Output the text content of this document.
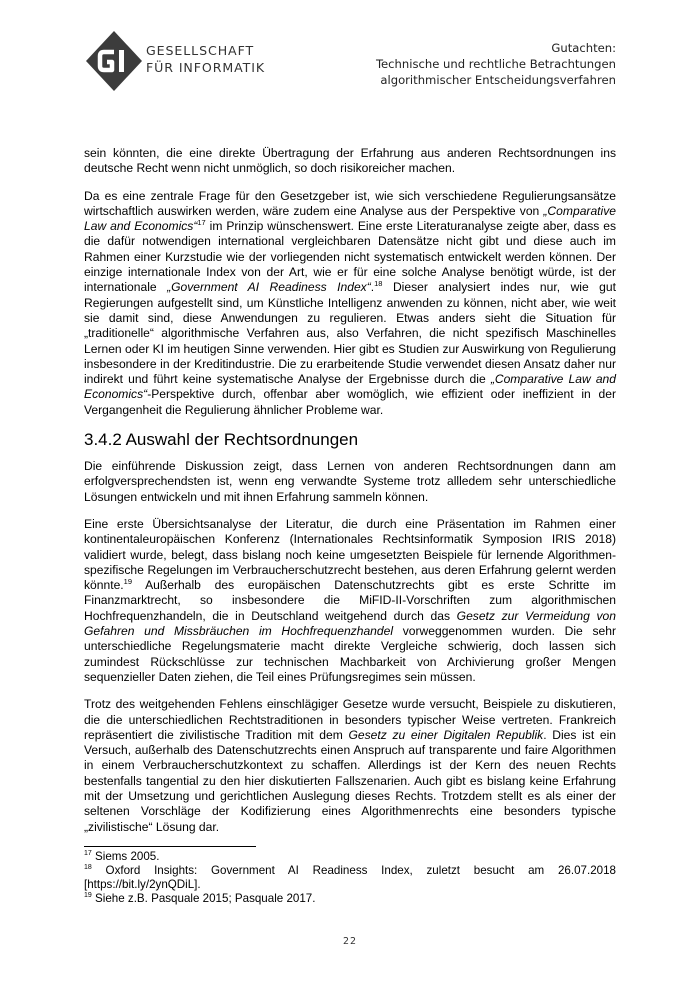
GESELLSCHAFT
FÜR INFORMATIK
Gutachten:
Technische und rechtliche Betrachtungen
algorithmischer Entscheidungsverfahren

sein könnten, die eine direkte Übertragung der Erfahrung aus anderen Rechtsordnungen ins deutsche Recht wenn nicht unmöglich, so doch risikoreicher machen.

Da es eine zentrale Frage für den Gesetzgeber ist, wie sich verschiedene Regulierungsansätze wirtschaftlich auswirken werden, wäre zudem eine Analyse aus der Perspektive von „Comparative Law and Economics“$^{17}$ im Prinzip wünschenswert. Eine erste Literaturanalyse zeigte aber, dass es die dafür notwendigen international vergleichbaren Datensätze nicht gibt und diese auch im Rahmen einer Kurzstudie wie der vorliegenden nicht systematisch entwickelt werden können. Der einzige internationale Index von der Art, wie er für eine solche Analyse benötigt würde, ist der internationale „Government AI Readiness Index“.$^{18}$ Dieser analysiert indes nur, wie gut Regierungen aufgestellt sind, um Künstliche Intelligenz anwenden zu können, nicht aber, wie weit sie damit sind, diese Anwendungen zu regulieren. Etwas anders sieht die Situation für „traditionelle“ algorithmische Verfahren aus, also Verfahren, die nicht spezifisch Maschinelles Lernen oder KI im heutigen Sinne verwenden. Hier gibt es Studien zur Auswirkung von Regulierung insbesondere in der Kreditindustrie. Die zu erarbeitende Studie verwendet diesen Ansatz daher nur indirekt und führt keine systematische Analyse der Ergebnisse durch die „Comparative Law and Economics“-Perspektive durch, offenbar aber womöglich, wie effizient oder ineffizient in der Vergangenheit die Regulierung ähnlicher Probleme war.

3.4.2 Auswahl der Rechtsordnungen

Die einführende Diskussion zeigt, dass Lernen von anderen Rechtsordnungen dann am erfolgversprechendsten ist, wenn eng verwandte Systeme trotz allledem sehr unterschiedliche Lösungen entwickeln und mit ihnen Erfahrung sammeln können.

Eine erste Übersichtsanalyse der Literatur, die durch eine Präsentation im Rahmen einer kontinentaleuropäischen Konferenz (Internationales Rechtsinformatik Symposion IRIS 2018) validiert wurde, belegt, dass bislang noch keine umgesetzten Beispiele für lernende Algorithmen-spezifische Regelungen im Verbraucherschutzrecht bestehen, aus deren Erfahrung gelernt werden könnte.$^{19}$ Außerhalb des europäischen Datenschutzrechts gibt es erste Schritte im Finanzmarktrecht, so insbesondere die MiFID-II-Vorschriften zum algorithmischen Hochfrequenzhandeln, die in Deutschland weitgehend durch das Gesetz zur Vermeidung von Gefahren und Missbräuchen im Hochfrequenzhandel vorweggenommen wurden. Die sehr unterschiedliche Regelungsmaterie macht direkte Vergleiche schwierig, doch lassen sich zumindest Rückschlüsse zur technischen Machbarkeit von Archivierung großer Mengen sequenzieller Daten ziehen, die Teil eines Prüfungsregimes sein müssen.

Trotz des weitgehenden Fehlens einschlägiger Gesetze wurde versucht, Beispiele zu diskutieren, die die unterschiedlichen Rechtstraditionen in besonders typischer Weise vertreten. Frankreich repräsentiert die zivilistische Tradition mit dem Gesetz zu einer Digitalen Republik. Dies ist ein Versuch, außerhalb des Datenschutzrechts einen Anspruch auf transparente und faire Algorithmen in einem Verbraucherschutzkontext zu schaffen. Allerdings ist der Kern des neuen Rechts bestenfalls tangential zu den hier diskutierten Fallszenarien. Auch gibt es bislang keine Erfahrung mit der Umsetzung und gerichtlichen Auslegung dieses Rechts. Trotzdem stellt es als einer der seltenen Vorschläge der Kodifizierung eines Algorithmenrechts eine besonders typische „zivilistische“ Lösung dar.

$^{17}$ Siems 2005.
$^{18}$ Oxford Insights: Government AI Readiness Index, zuletzt besucht am 26.07.2018
[https://bit.ly/2ynQDiL].
$^{19}$ Siehe z.B. Pasquale 2015; Pasquale 2017.
22
